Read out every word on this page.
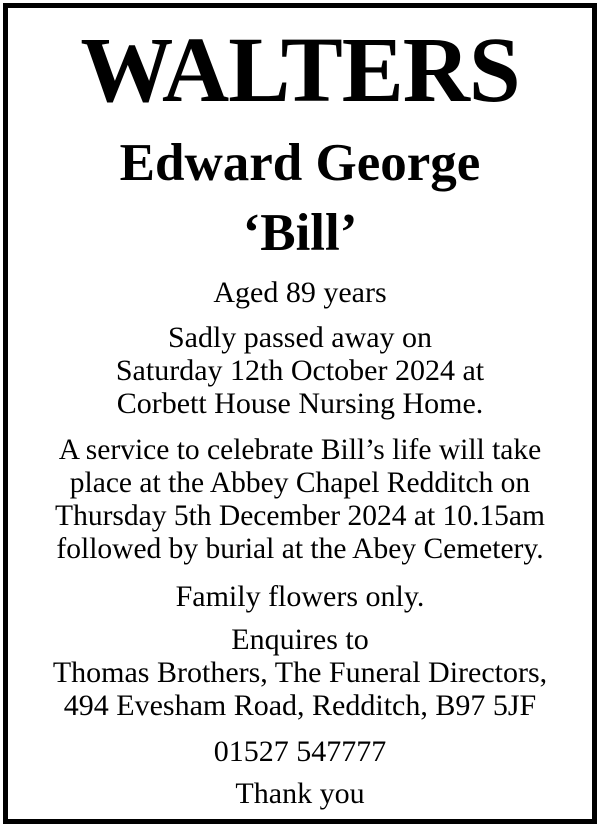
WALTERS
Edward George
‘Bill’
Aged 89 years
Sadly passed away on
Saturday 12th October 2024 at
Corbett House Nursing Home.
A service to celebrate Bill’s life will take
place at the Abbey Chapel Redditch on
Thursday 5th December 2024 at 10.15am
followed by burial at the Abey Cemetery.
Family flowers only.
Enquires to
Thomas Brothers, The Funeral Directors,
494 Evesham Road, Redditch, B97 5JF
01527 547777
Thank you
